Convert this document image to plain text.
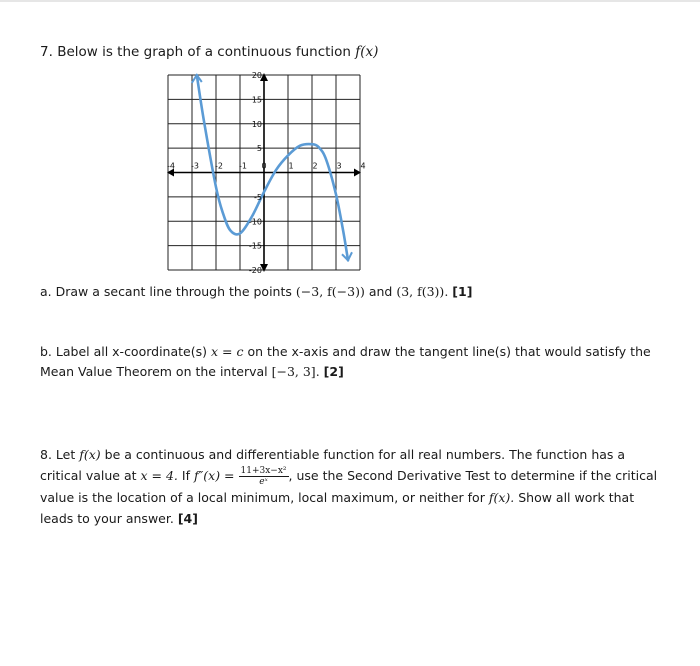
7. Below is the graph of a continuous function f(x)
-4 -3 -2 -1 0	1 2 3 4
20
15
10
5
-5
-10
-15
-20
a. Draw a secant line through the points (−3, f(−3)) and (3, f(3)). [1]
b. Label all x-coordinate(s) x = c on the x-axis and draw the tangent line(s) that would satisfy the Mean Value Theorem on the interval [−3, 3]. [2]
8. Let f(x) be a continuous and differentiable function for all real numbers. The function has a critical value at x = 4. If $f''(x) = \frac{\text{11+3x−x²}}{\text{eˣ}}$ , use the Second Derivative Test to determine if the critical value is the location of a local minimum, local maximum, or neither for f(x). Show all work that leads to your answer. [4]
